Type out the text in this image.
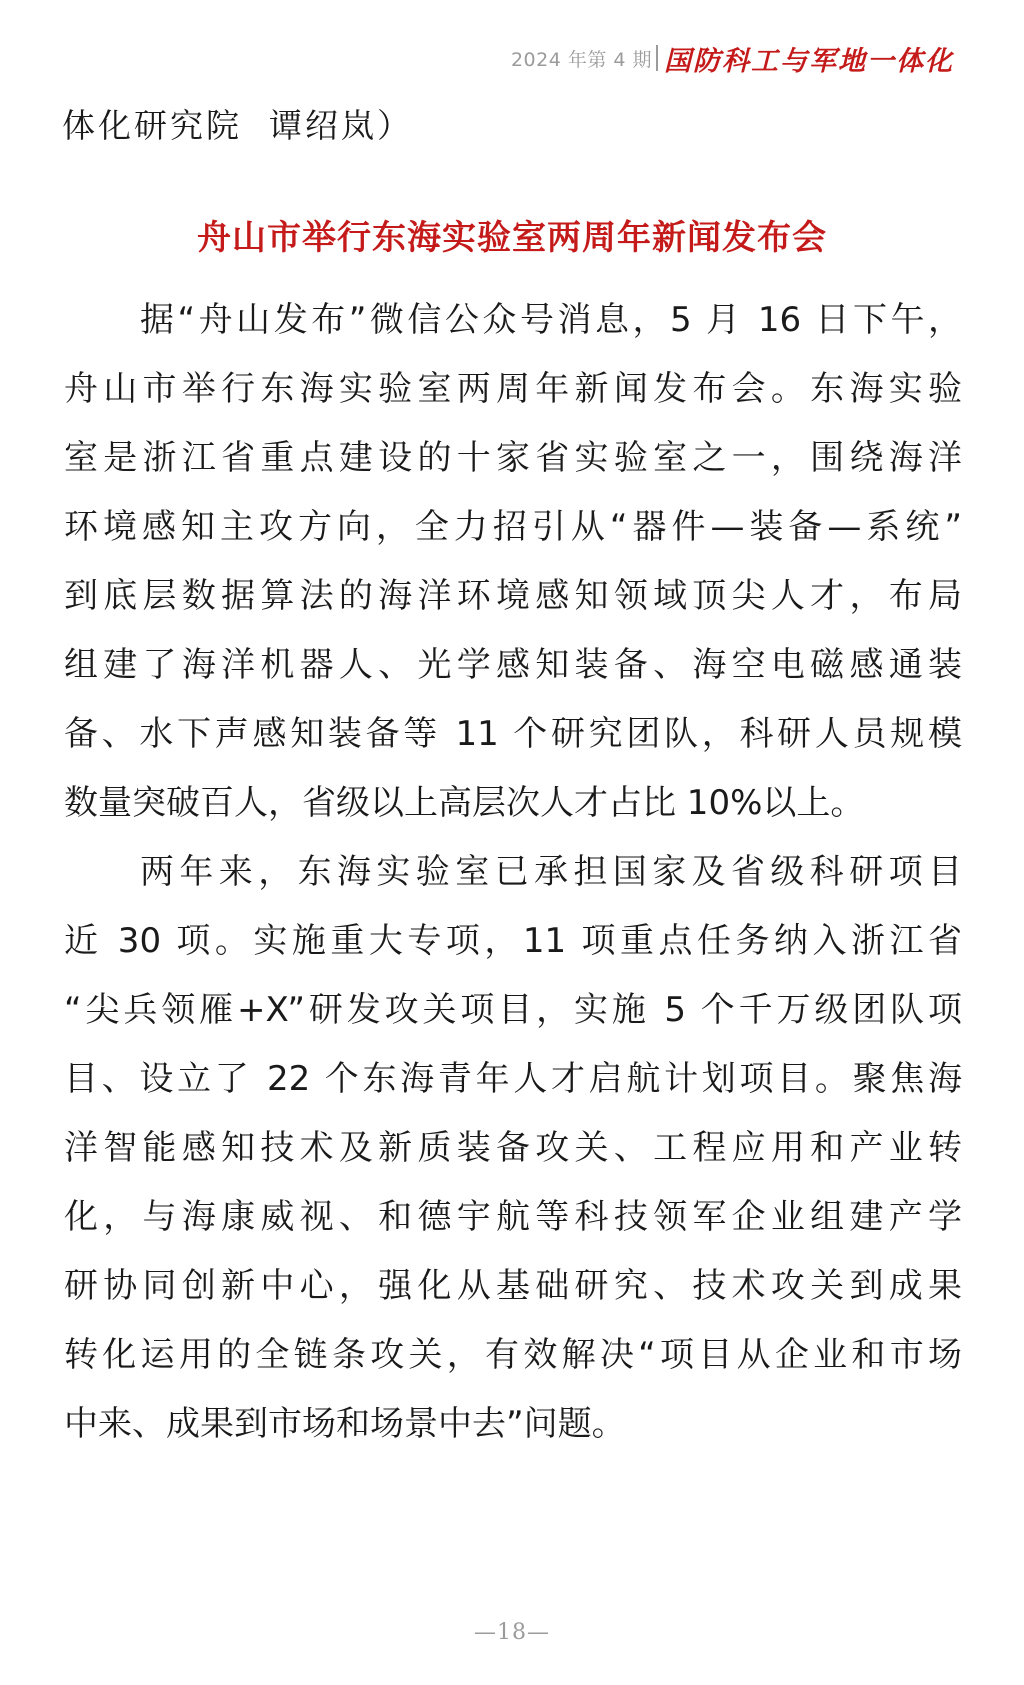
2024 年第 4 期 国防科工与军地一体化
体化研究院  谭绍岚）
舟山市举行东海实验室两周年新闻发布会
据“舟山发布”微信公众号消息，5 月 16 日下午，
舟山市举行东海实验室两周年新闻发布会。东海实验
室是浙江省重点建设的十家省实验室之一，围绕海洋
环境感知主攻方向，全力招引从“器件—装备—系统”
到底层数据算法的海洋环境感知领域顶尖人才，布局
组建了海洋机器人、光学感知装备、海空电磁感通装
备、水下声感知装备等 11 个研究团队，科研人员规模
数量突破百人，省级以上高层次人才占比 10%以上。
两年来，东海实验室已承担国家及省级科研项目
近 30 项。实施重大专项，11 项重点任务纳入浙江省
“尖兵领雁+X”研发攻关项目，实施 5 个千万级团队项
目、设立了 22 个东海青年人才启航计划项目。聚焦海
洋智能感知技术及新质装备攻关、工程应用和产业转
化，与海康威视、和德宇航等科技领军企业组建产学
研协同创新中心，强化从基础研究、技术攻关到成果
转化运用的全链条攻关，有效解决“项目从企业和市场
中来、成果到市场和场景中去”问题。
—18—
